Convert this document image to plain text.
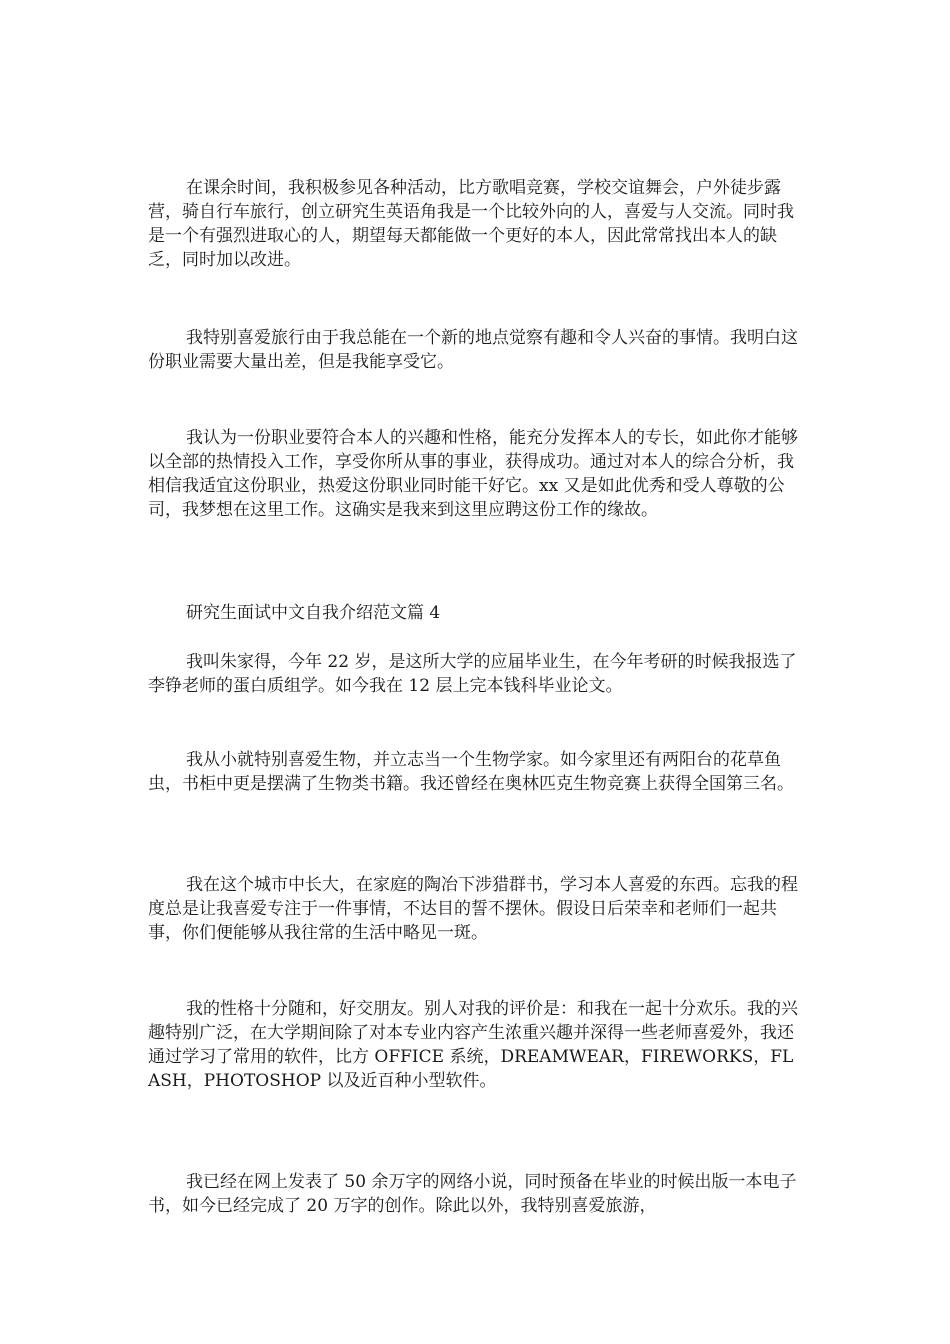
在课余时间，我积极参见各种活动，比方歌唱竞赛，学校交谊舞会，户外徒步露营，骑自行车旅行，创立研究生英语角我是一个比较外向的人，喜爱与人交流。同时我是一个有强烈进取心的人，期望每天都能做一个更好的本人，因此常常找出本人的缺乏，同时加以改进。

我特别喜爱旅行由于我总能在一个新的地点觉察有趣和令人兴奋的事情。我明白这份职业需要大量出差，但是我能享受它。

我认为一份职业要符合本人的兴趣和性格，能充分发挥本人的专长，如此你才能够以全部的热情投入工作，享受你所从事的事业，获得成功。通过对本人的综合分析，我相信我适宜这份职业，热爱这份职业同时能干好它。xx 又是如此优秀和受人尊敬的公司，我梦想在这里工作。这确实是我来到这里应聘这份工作的缘故。

研究生面试中文自我介绍范文篇 4

我叫朱家得，今年 22 岁，是这所大学的应届毕业生，在今年考研的时候我报选了李铮老师的蛋白质组学。如今我在 12 层上完本钱科毕业论文。

我从小就特别喜爱生物，并立志当一个生物学家。如今家里还有两阳台的花草鱼虫，书柜中更是摆满了生物类书籍。我还曾经在奥林匹克生物竞赛上获得全国第三名。

我在这个城市中长大，在家庭的陶冶下涉猎群书，学习本人喜爱的东西。忘我的程度总是让我喜爱专注于一件事情，不达目的誓不摆休。假设日后荣幸和老师们一起共事，你们便能够从我往常的生活中略见一斑。

我的性格十分随和，好交朋友。别人对我的评价是：和我在一起十分欢乐。我的兴趣特别广泛，在大学期间除了对本专业内容产生浓重兴趣并深得一些老师喜爱外，我还通过学习了常用的软件，比方 OFFICE 系统，DREAMWEAR，FIREWORKS，FLASH，PHOTOSHOP 以及近百种小型软件。

我已经在网上发表了 50 余万字的网络小说，同时预备在毕业的时候出版一本电子书，如今已经完成了 20 万字的创作。除此以外，我特别喜爱旅游，
